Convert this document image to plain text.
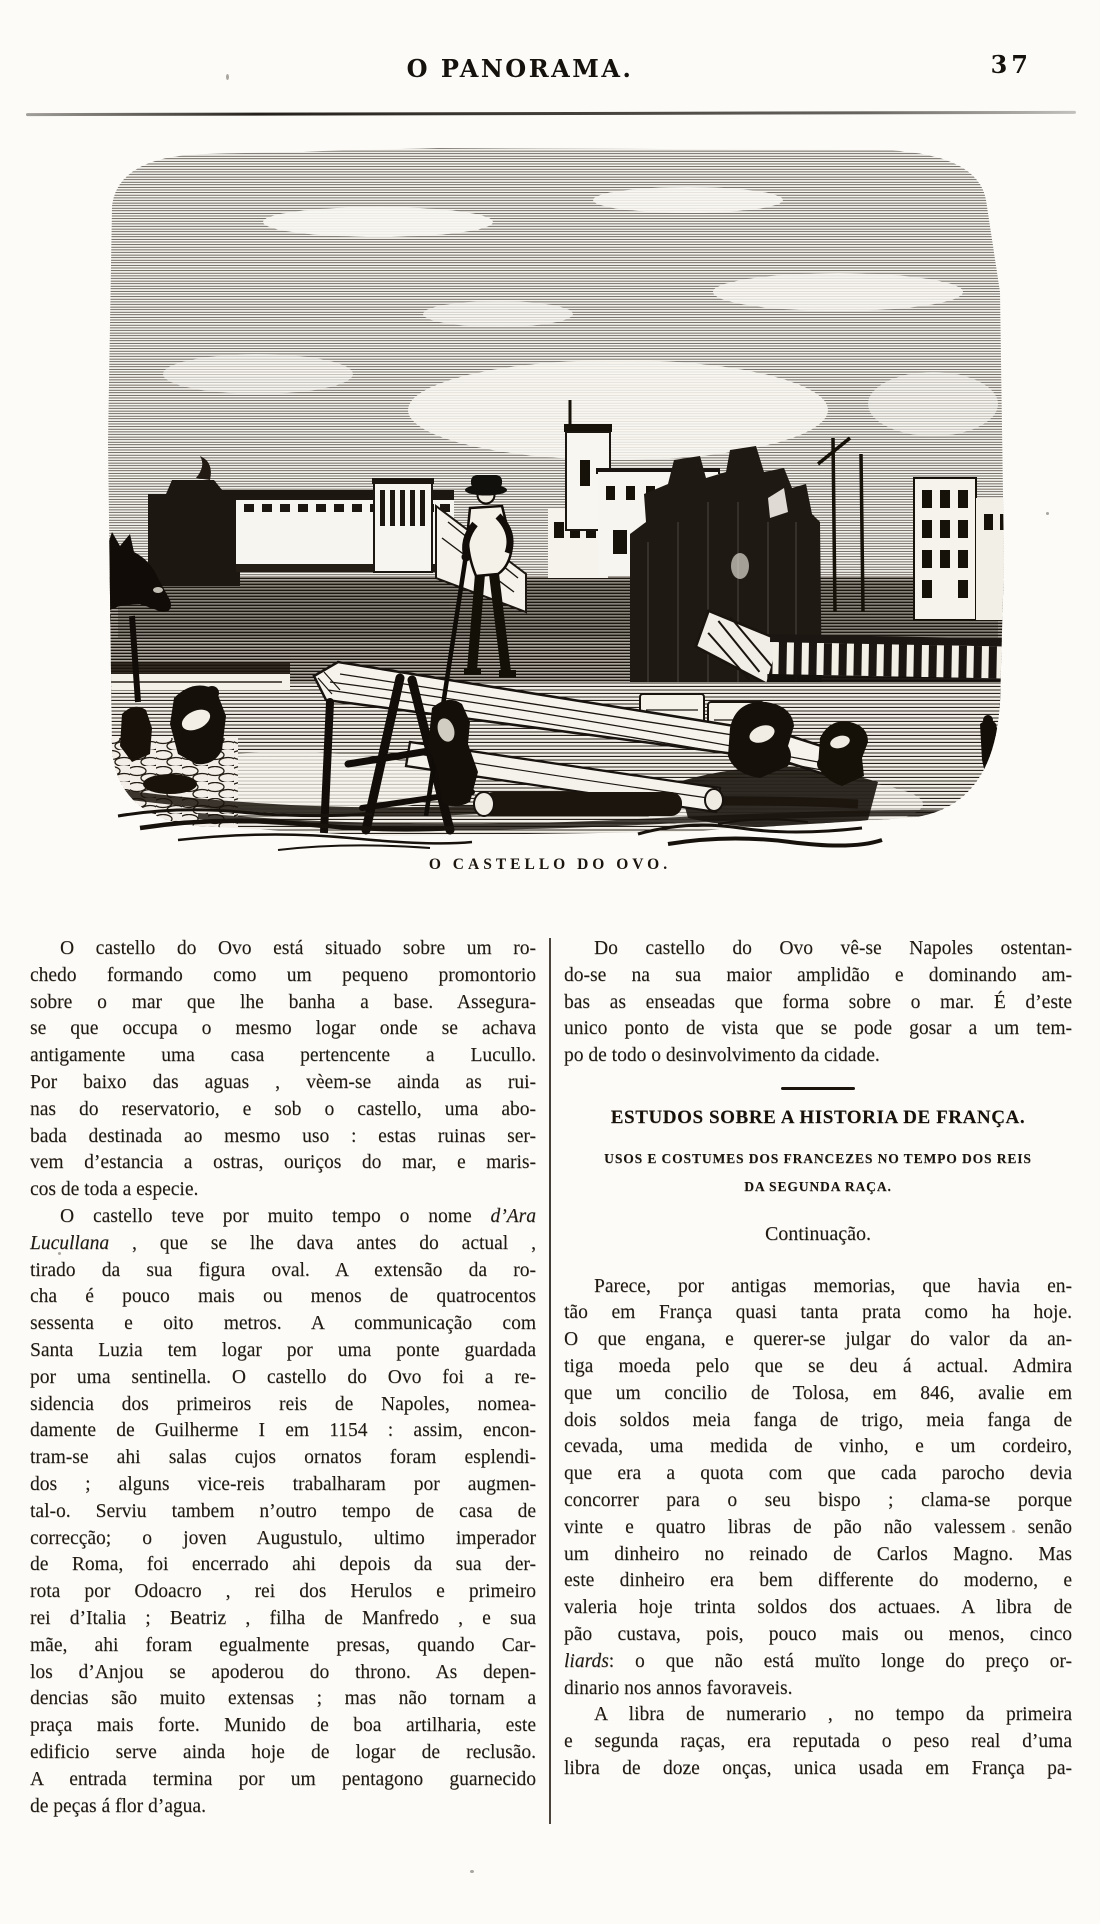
O PANORAMA.	37
O CASTELLO DO OVO.
O castello do Ovo está situado sobre um ro-
chedo formando como um pequeno promontorio
sobre o mar que lhe banha a base. Assegura-
se que occupa o mesmo logar onde se achava
antigamente uma casa pertencente a Lucullo.
Por baixo das aguas , vèem-se ainda as rui-
nas do reservatorio, e sob o castello, uma abo-
bada destinada ao mesmo uso : estas ruinas ser-
vem d’estancia a ostras, ouriços do mar, e maris-
cos de toda a especie.
O castello teve por muito tempo o nome d’Ara
Lucullana , que se lhe dava antes do actual ,
tirado da sua figura oval. A extensão da ro-
cha é pouco mais ou menos de quatrocentos
sessenta e oito metros. A communicação com
Santa Luzia tem logar por uma ponte guardada
por uma sentinella. O castello do Ovo foi a re-
sidencia dos primeiros reis de Napoles, nomea-
damente de Guilherme I em 1154 : assim, encon-
tram-se ahi salas cujos ornatos foram esplendi-
dos ; alguns vice-reis trabalharam por augmen-
tal-o. Serviu tambem n’outro tempo de casa de
correcção; o joven Augustulo, ultimo imperador
de Roma, foi encerrado ahi depois da sua der-
rota por Odoacro , rei dos Herulos e primeiro
rei d’Italia ; Beatriz , filha de Manfredo , e sua
mãe, ahi foram egualmente presas, quando Car-
los d’Anjou se apoderou do throno. As depen-
dencias são muito extensas ; mas não tornam a
praça mais forte. Munido de boa artilharia, este
edificio serve ainda hoje de logar de reclusão.
A entrada termina por um pentagono guarnecido
de peças á flor d’agua.
Do castello do Ovo vê-se Napoles ostentan-
do-se na sua maior amplidão e dominando am-
bas as enseadas que forma sobre o mar. É d’este
unico ponto de vista que se pode gosar a um tem-
po de todo o desinvolvimento da cidade.
ESTUDOS SOBRE A HISTORIA DE FRANÇA.
USOS E COSTUMES DOS FRANCEZES NO TEMPO DOS REIS
DA SEGUNDA RAÇA.
Continuação.
Parece, por antigas memorias, que havia en-
tão em França quasi tanta prata como ha hoje.
O que engana, e querer-se julgar do valor da an-
tiga moeda pelo que se deu á actual. Admira
que um concilio de Tolosa, em 846, avalie em
dois soldos meia fanga de trigo, meia fanga de
cevada, uma medida de vinho, e um cordeiro,
que era a quota com que cada parocho devia
concorrer para o seu bispo ; clama-se porque
vinte e quatro libras de pão não valessem senão
um dinheiro no reinado de Carlos Magno. Mas
este dinheiro era bem differente do moderno, e
valeria hoje trinta soldos dos actuaes. A libra de
pão custava, pois, pouco mais ou menos, cinco
liards: o que não está muïto longe do preço or-
dinario nos annos favoraveis.
A libra de numerario , no tempo da primeira
e segunda raças, era reputada o peso real d’uma
libra de doze onças, unica usada em França pa-
